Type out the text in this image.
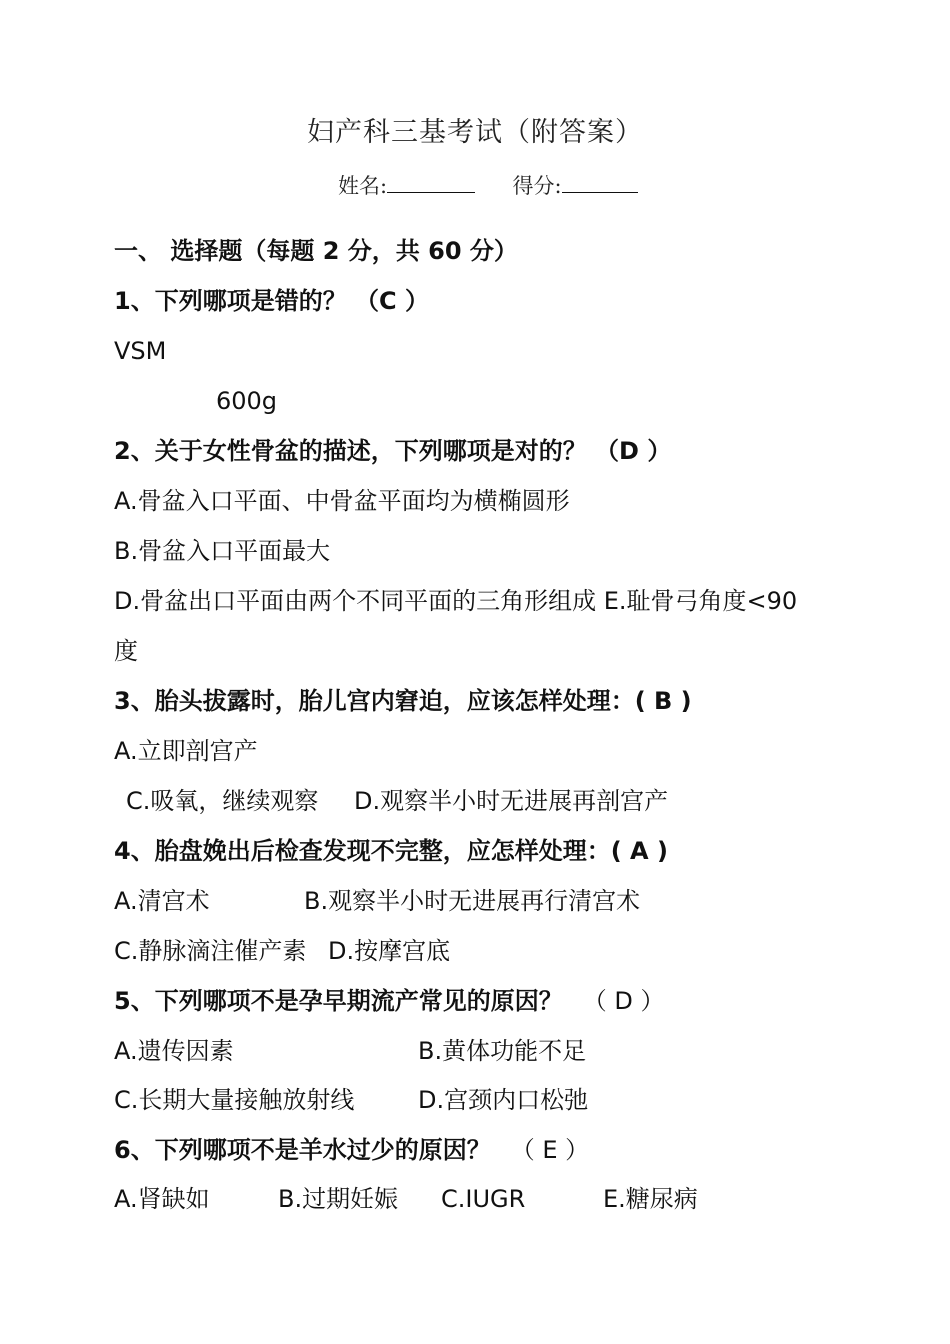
妇产科三基考试（附答案）
姓名:	得分:
一、 选择题（每题 2 分，共 60 分）
1、下列哪项是错的？ （C ）
VSM
600g
2、关于女性骨盆的描述，下列哪项是对的？ （D ）
A.骨盆入口平面、中骨盆平面均为横椭圆形
B.骨盆入口平面最大
D.骨盆出口平面由两个不同平面的三角形组成 E.耻骨弓角度<90
度
3、胎头拔露时，胎儿宫内窘迫，应该怎样处理：( B )
A.立即剖宫产
C.吸氧，继续观察 D.观察半小时无进展再剖宫产
4、胎盘娩出后检查发现不完整，应怎样处理：( A )
A.清宫术	B.观察半小时无进展再行清宫术
C.静脉滴注催产素 D.按摩宫底
5、下列哪项不是孕早期流产常见的原因？ （ D ）
A.遗传因素	B.黄体功能不足
C.长期大量接触放射线	D.宫颈内口松弛
6、下列哪项不是羊水过少的原因？ （ E ）
A.肾缺如	B.过期妊娠 C.IUGR	E.糖尿病
